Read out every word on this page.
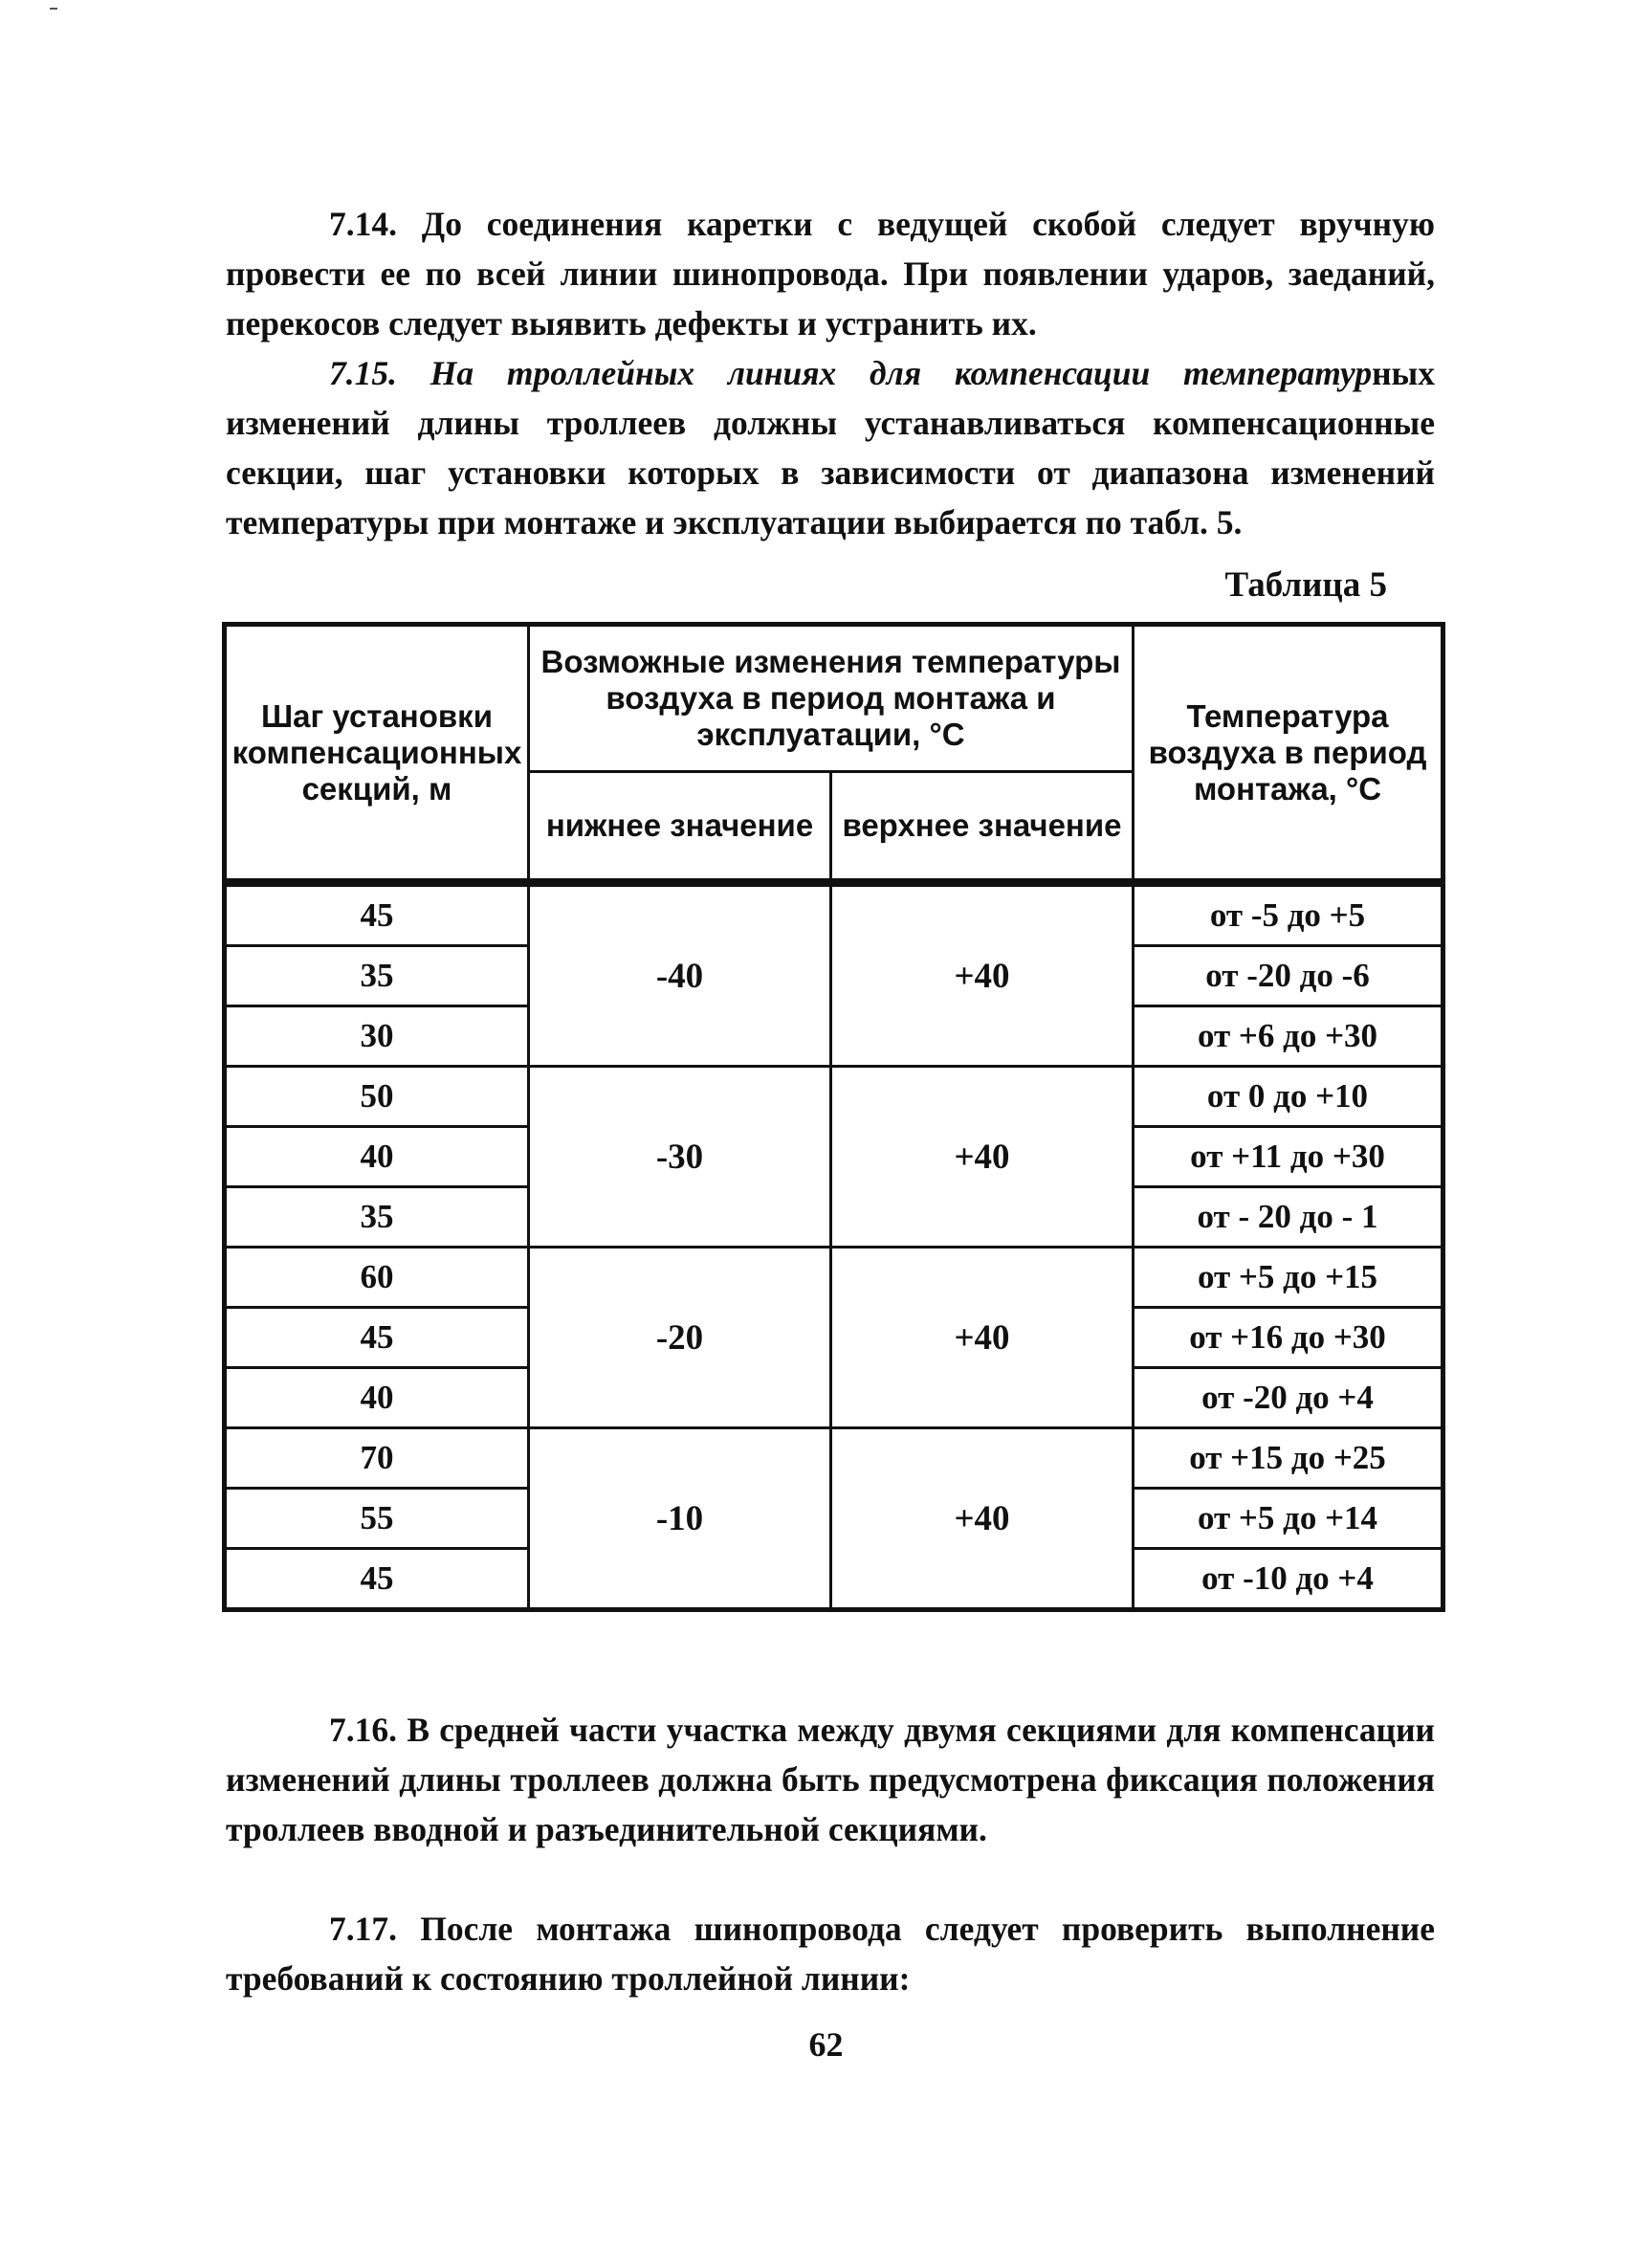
7.14. До соединения каретки с ведущей скобой следует вручную провести ее по всей линии шинопровода. При появлении ударов, заеданий, перекосов следует выявить дефекты и устранить их.

7.15. На троллейных линиях для компенсации температурных изменений длины троллеев должны устанавливаться компенсационные секции, шаг установки которых в зависимости от диапазона изменений температуры при монтаже и эксплуатации выбирается по табл. 5.

Таблица 5
Шаг установки компенсационных секций, м	Возможные изменения температуры воздуха в период монтажа и эксплуатации, °C		Температура воздуха в период монтажа, °C
	нижнее значение	верхнее значение	
45	-40	+40	от -5 до +5
35			от -20 до -6
30			от +6 до +30
50	-30	+40	от 0 до +10
40			от +11 до +30
35			от - 20 до - 1
60	-20	+40	от +5 до +15
45			от +16 до +30
40			от -20 до +4
70	-10	+40	от +15 до +25
55			от +5 до +14
45			от -10 до +4

7.16. В средней части участка между двумя секциями для компенсации изменений длины троллеев должна быть предусмотрена фиксация положения троллеев вводной и разъединительной секциями.

7.17. После монтажа шинопровода следует проверить выполнение требований к состоянию троллейной линии:

62
